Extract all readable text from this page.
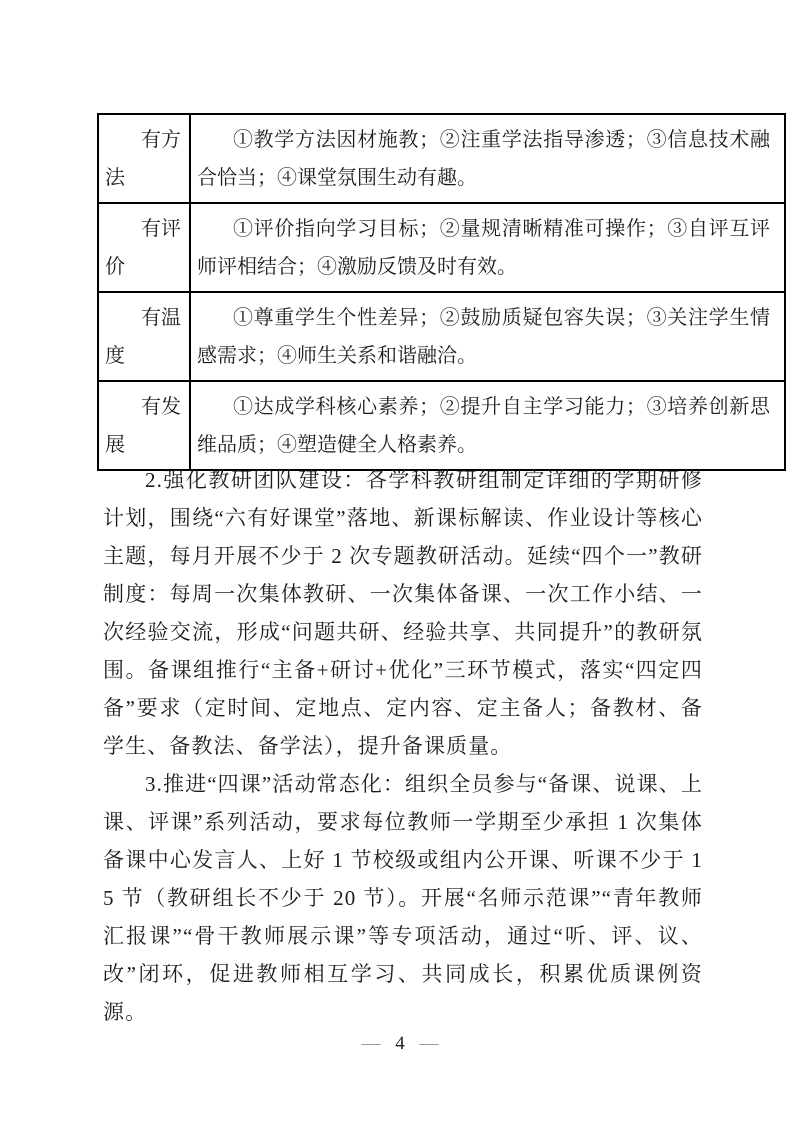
有方法	①教学方法因材施教；②注重学法指导渗透；③信息技术融合恰当；④课堂氛围生动有趣。
有评价	①评价指向学习目标；②量规清晰精准可操作；③自评互评师评相结合；④激励反馈及时有效。
有温度	①尊重学生个性差异；②鼓励质疑包容失误；③关注学生情感需求；④师生关系和谐融洽。
有发展	①达成学科核心素养；②提升自主学习能力；③培养创新思维品质；④塑造健全人格素养。

2.强化教研团队建设：各学科教研组制定详细的学期研修计划，围绕“六有好课堂”落地、新课标解读、作业设计等核心主题，每月开展不少于 2 次专题教研活动。延续“四个一”教研制度：每周一次集体教研、一次集体备课、一次工作小结、一次经验交流，形成“问题共研、经验共享、共同提升”的教研氛围。备课组推行“主备+研讨+优化”三环节模式，落实“四定四备”要求（定时间、定地点、定内容、定主备人；备教材、备学生、备教法、备学法），提升备课质量。

3.推进“四课”活动常态化：组织全员参与“备课、说课、上课、评课”系列活动，要求每位教师一学期至少承担 1 次集体备课中心发言人、上好 1 节校级或组内公开课、听课不少于 15 节（教研组长不少于 20 节）。开展“名师示范课”“青年教师汇报课”“骨干教师展示课”等专项活动，通过“听、评、议、改”闭环，促进教师相互学习、共同成长，积累优质课例资源。

— 4 —
